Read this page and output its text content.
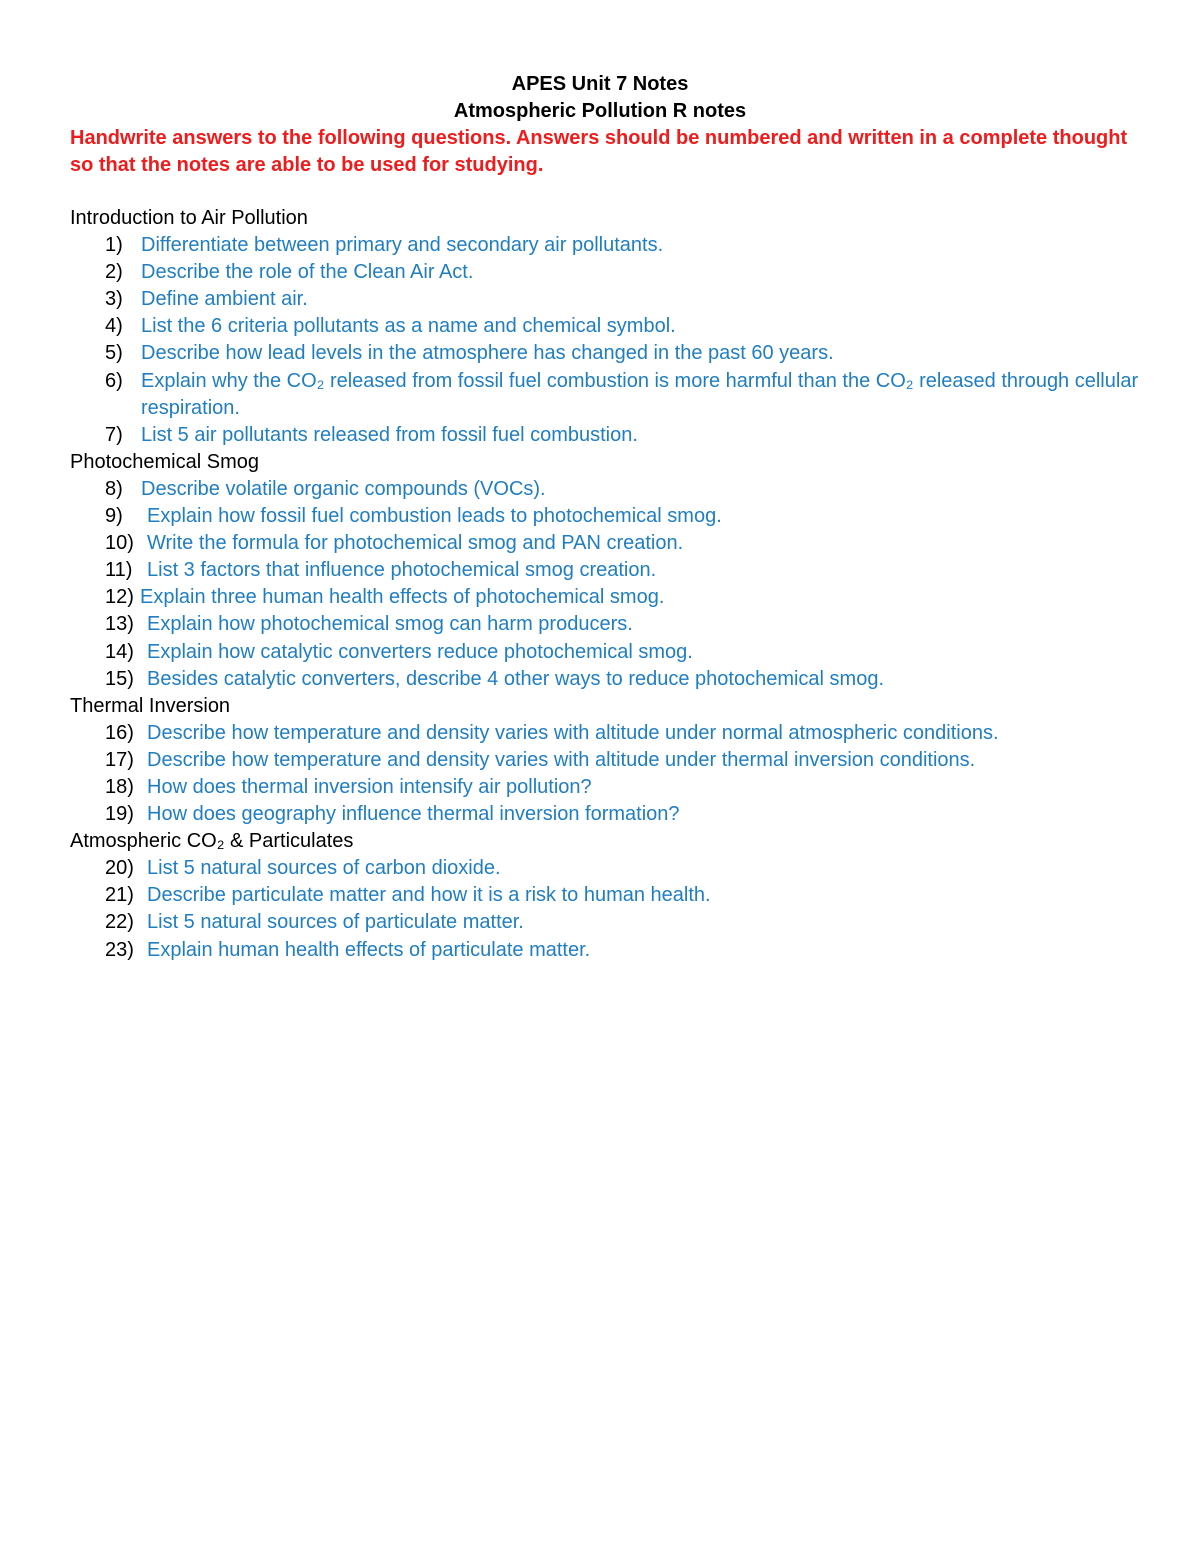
APES Unit 7 Notes
Atmospheric Pollution R notes
Handwrite answers to the following questions. Answers should be numbered and written in a complete thought so that the notes are able to be used for studying.
Introduction to Air Pollution
1) Differentiate between primary and secondary air pollutants.
2) Describe the role of the Clean Air Act.
3) Define ambient air.
4) List the 6 criteria pollutants as a name and chemical symbol.
5) Describe how lead levels in the atmosphere has changed in the past 60 years.
6) Explain why the CO₂ released from fossil fuel combustion is more harmful than the CO₂ released through cellular respiration.
7) List 5 air pollutants released from fossil fuel combustion.
Photochemical Smog
8) Describe volatile organic compounds (VOCs).
9) Explain how fossil fuel combustion leads to photochemical smog.
10) Write the formula for photochemical smog and PAN creation.
11) List 3 factors that influence photochemical smog creation.
12) Explain three human health effects of photochemical smog.
13) Explain how photochemical smog can harm producers.
14) Explain how catalytic converters reduce photochemical smog.
15) Besides catalytic converters, describe 4 other ways to reduce photochemical smog.
Thermal Inversion
16) Describe how temperature and density varies with altitude under normal atmospheric conditions.
17) Describe how temperature and density varies with altitude under thermal inversion conditions.
18) How does thermal inversion intensify air pollution?
19) How does geography influence thermal inversion formation?
Atmospheric CO₂ & Particulates
20) List 5 natural sources of carbon dioxide.
21) Describe particulate matter and how it is a risk to human health.
22) List 5 natural sources of particulate matter.
23) Explain human health effects of particulate matter.
